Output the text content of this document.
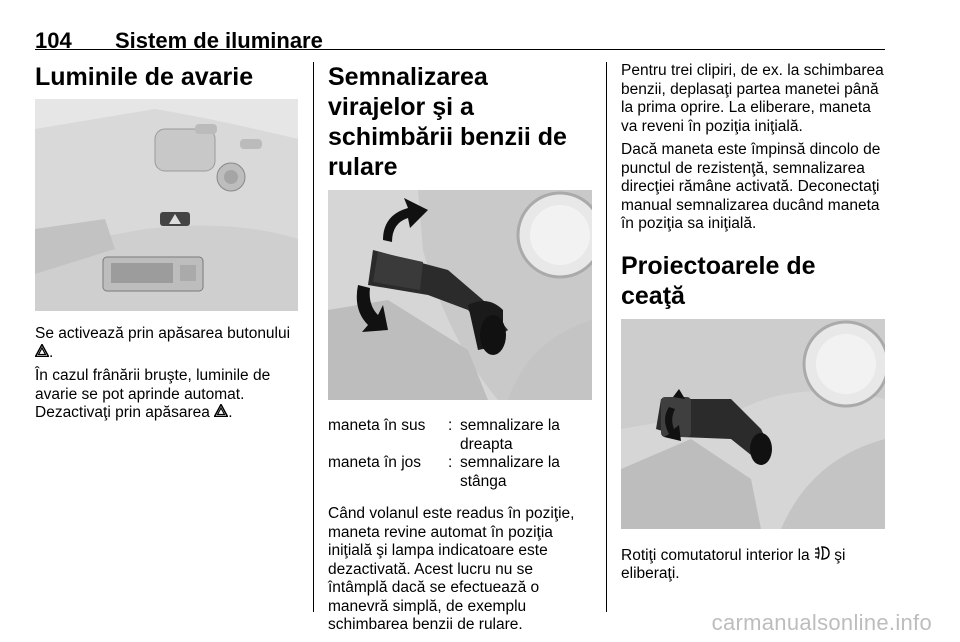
104 Sistem de iluminare
Luminile de avarie

Se activează prin apăsarea butonului .

În cazul frânării bruşte, luminile de avarie se pot aprinde automat. Dezactivaţi prin apăsarea .

Semnalizarea virajelor şi a
schimbării benzii de rulare
maneta în sus	:	semnalizare la dreapta
maneta în jos	:	semnalizare la stânga

Când volanul este readus în poziţie, maneta revine automat în poziţia iniţială şi lampa indicatoare este dezactivată. Acest lucru nu se întâmplă dacă se efectuează o manevră simplă, de exemplu schimbarea benzii de rulare.

Pentru trei clipiri, de ex. la schimbarea benzii, deplasaţi partea manetei până la prima oprire. La eliberare, maneta va reveni în poziţia iniţială.

Dacă maneta este împinsă dincolo de punctul de rezistenţă, semnalizarea direcţiei rămâne activată. Deconectaţi manual semnalizarea ducând maneta în poziţia sa iniţială.

Proiectoarele de ceaţă

Rotiţi comutatorul interior la şi eliberaţi.

carmanualsonline.info
